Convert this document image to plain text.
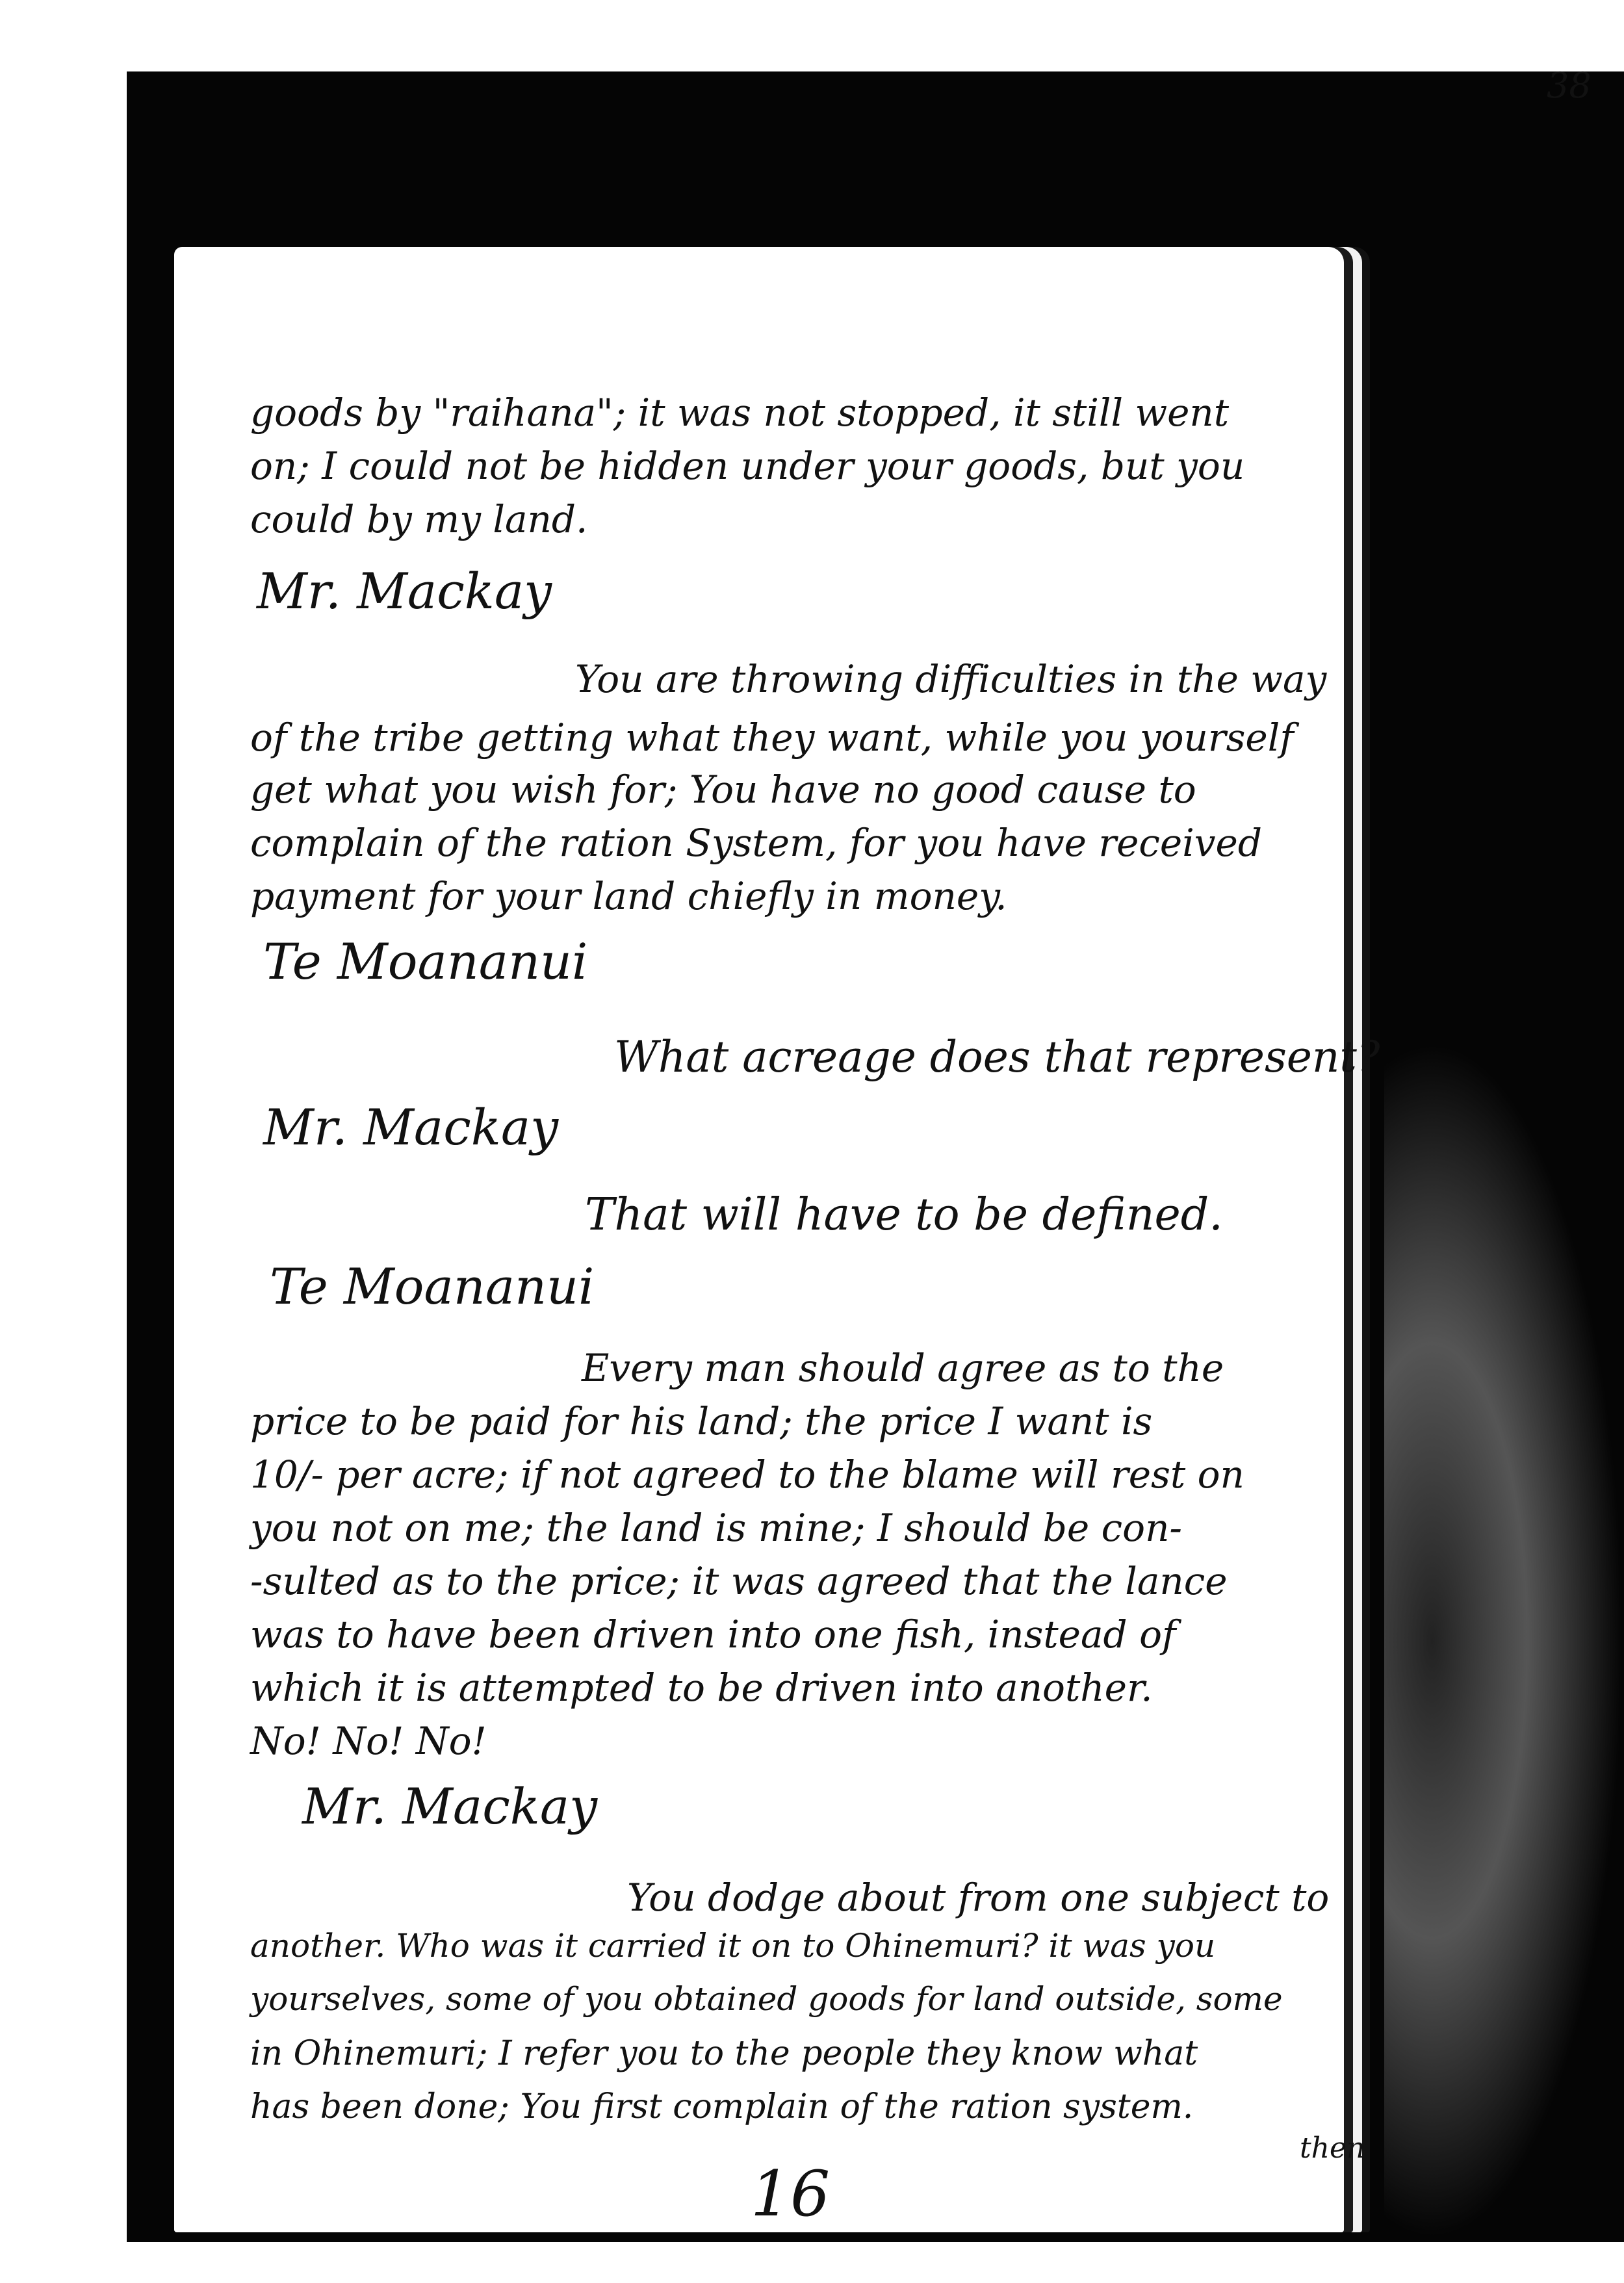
38

goods by "raihana"; it was not stopped, it still went

on; I could not be hidden under your goods, but you

could by my land.

Mr. Mackay

You are throwing difficulties in the way

of the tribe getting what they want, while you yourself

get what you wish for; You have no good cause to

complain of the ration System, for you have received

payment for your land chiefly in money.

Te Moananui

What acreage does that represent?

Mr. Mackay

That will have to be defined.

Te Moananui

Every man should agree as to the

price to be paid for his land; the price I want is

10/- per acre; if not agreed to the blame will rest on

you not on me; the land is mine; I should be con-

-sulted as to the price; it was agreed that the lance

was to have been driven into one fish, instead of

which it is attempted to be driven into another.

No! No! No!

Mr. Mackay

You dodge about from one subject to

another. Who was it carried it on to Ohinemuri? it was you

yourselves, some of you obtained goods for land outside, some

in Ohinemuri; I refer you to the people they know what

has been done; You first complain of the ration system.

then

16
